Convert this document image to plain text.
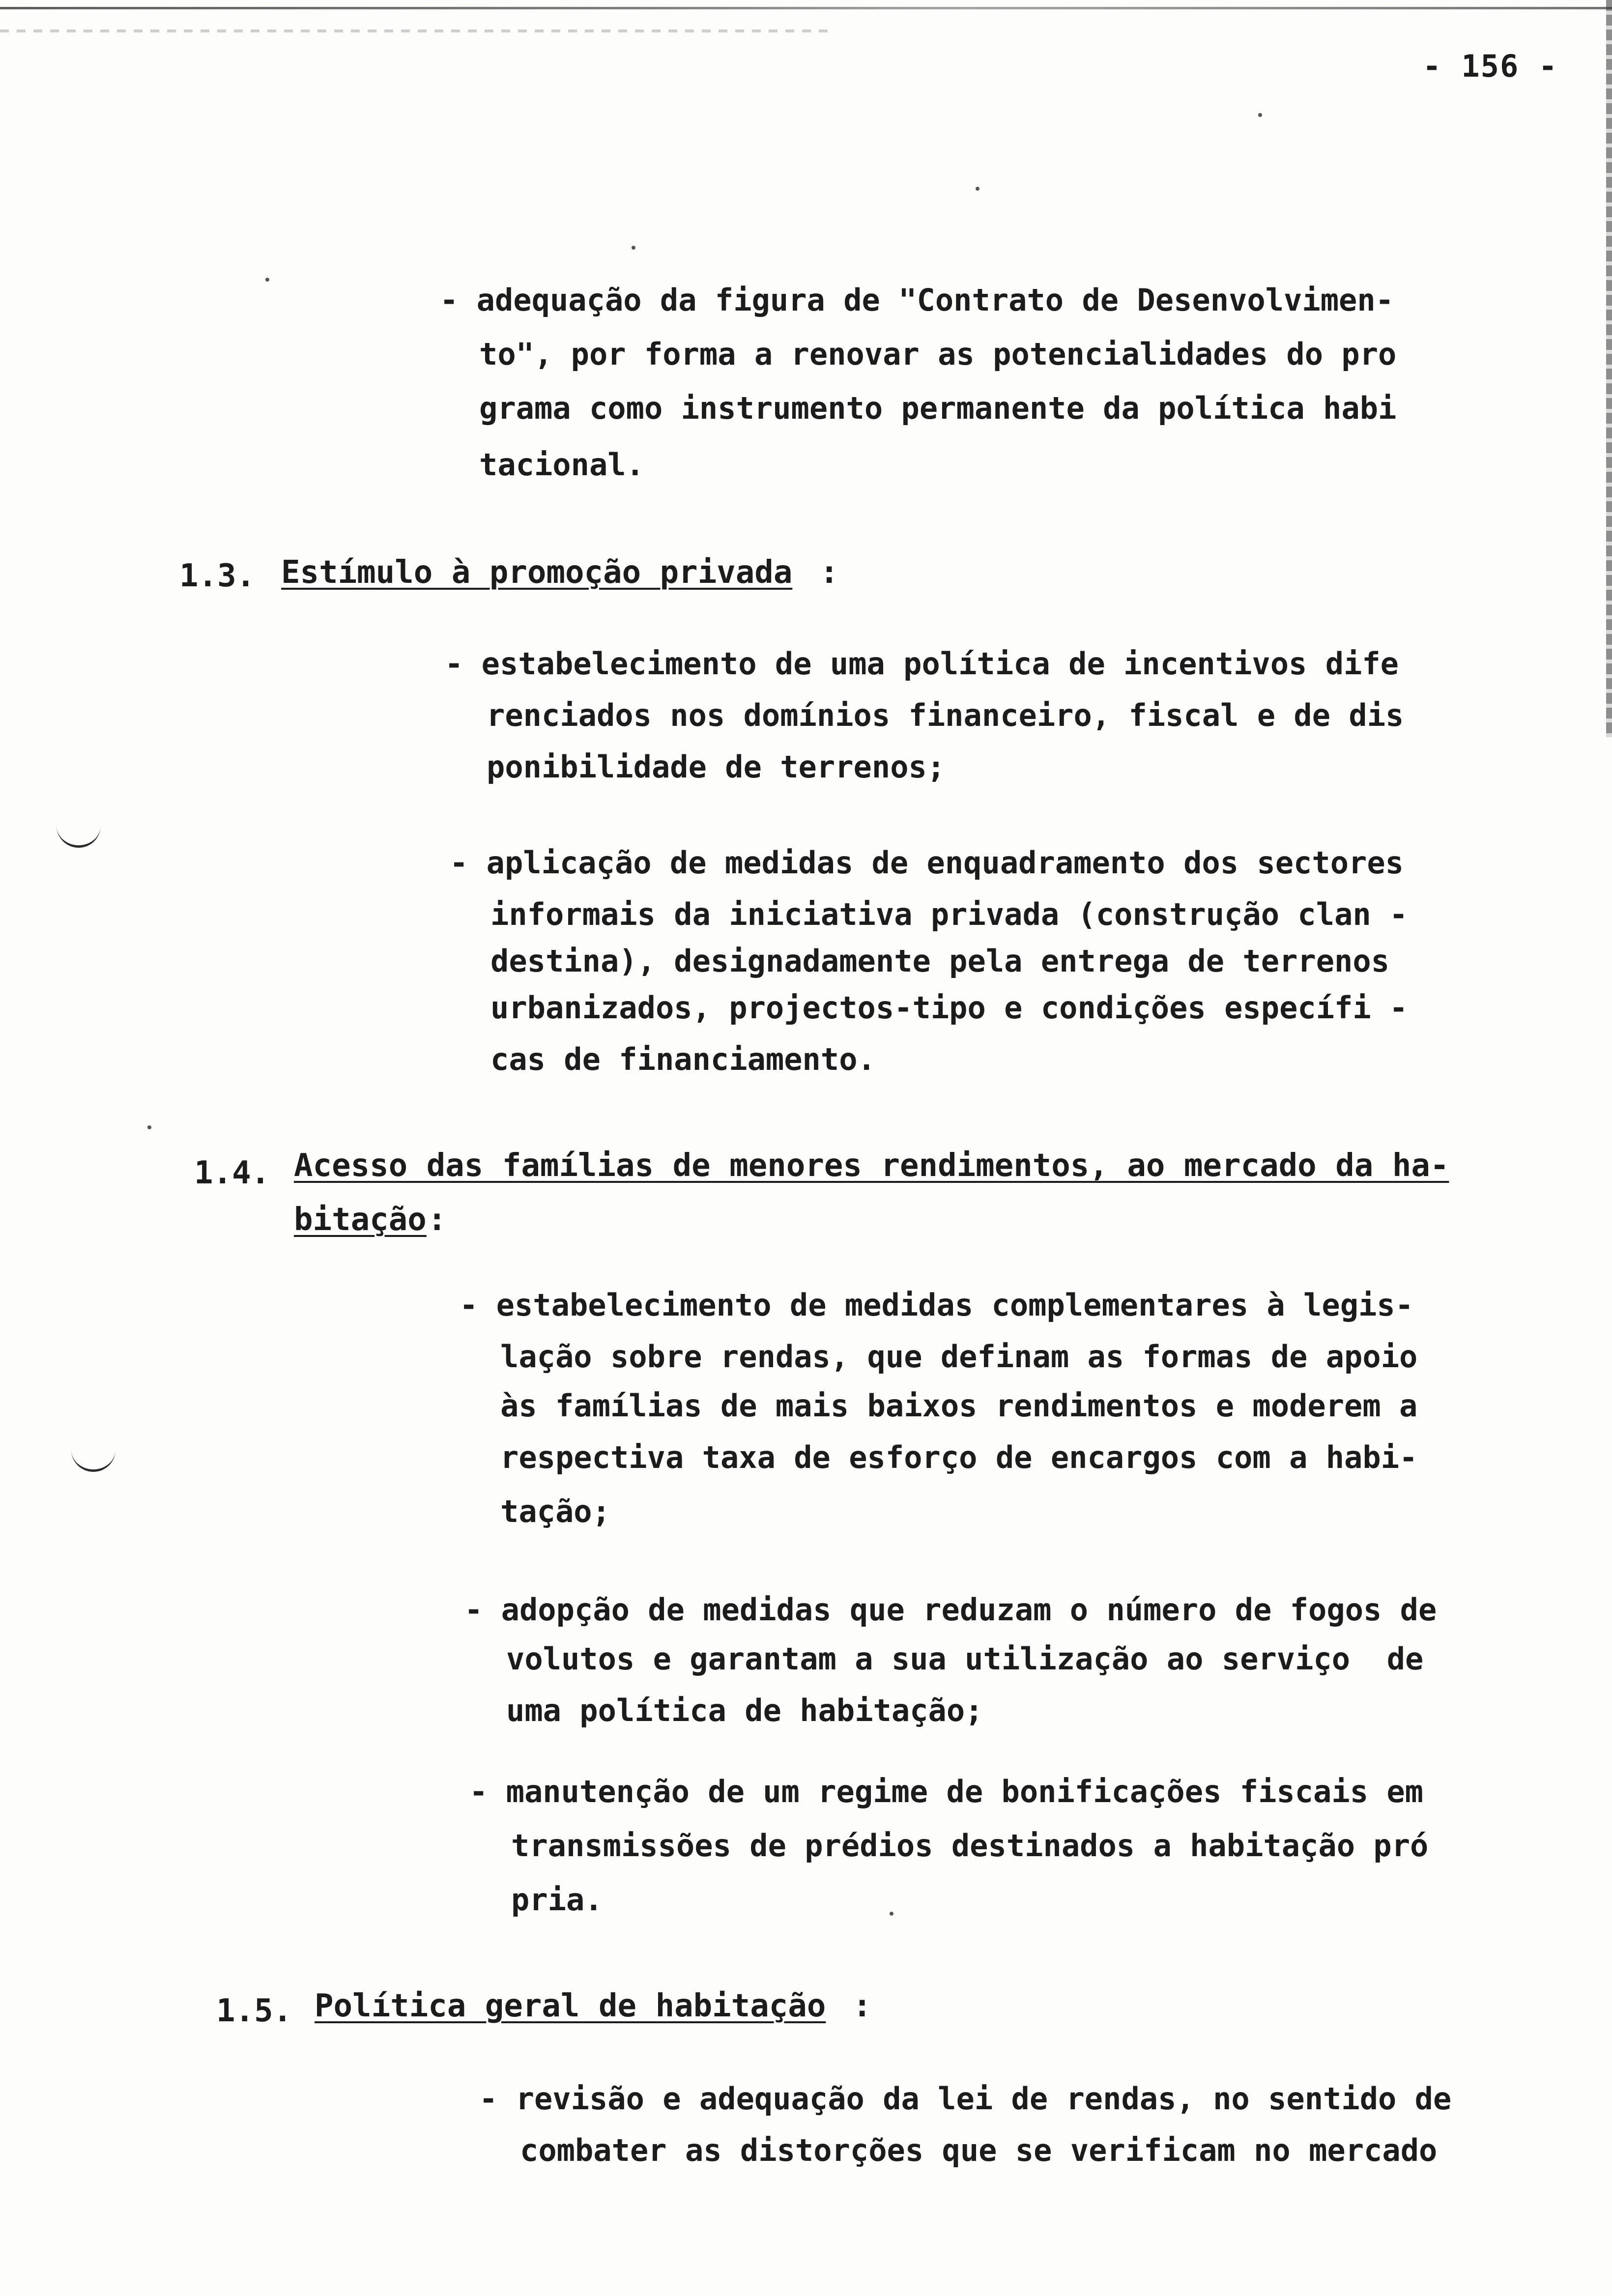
- 156 -
- adequação da figura de "Contrato de Desenvolvimen-
to", por forma a renovar as potencialidades do pro
grama como instrumento permanente da política habi
tacional.
1.3. Estímulo à promoção privada :
- estabelecimento de uma política de incentivos dife
renciados nos domínios financeiro, fiscal e de dis
ponibilidade de terrenos;
- aplicação de medidas de enquadramento dos sectores
informais da iniciativa privada (construção clan -
destina), designadamente pela entrega de terrenos
urbanizados, projectos-tipo e condições específi -
cas de financiamento.
1.4. Acesso das famílias de menores rendimentos, ao mercado da ha-
bitação :
- estabelecimento de medidas complementares à legis-
lação sobre rendas, que definam as formas de apoio
às famílias de mais baixos rendimentos e moderem a
respectiva taxa de esforço de encargos com a habi-
tação;
- adopção de medidas que reduzam o número de fogos de
volutos e garantam a sua utilização ao serviço  de
uma política de habitação;
- manutenção de um regime de bonificações fiscais em
transmissões de prédios destinados a habitação pró
pria.
1.5. Política geral de habitação :
- revisão e adequação da lei de rendas, no sentido de
combater as distorções que se verificam no mercado
